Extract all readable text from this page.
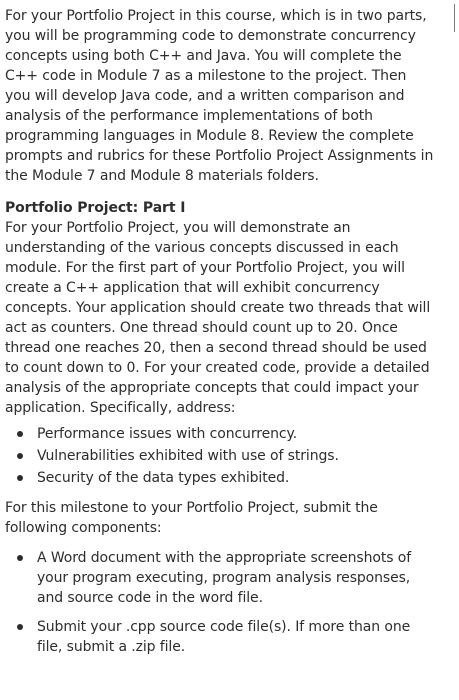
For your Portfolio Project in this course, which is in two parts, you will be programming code to demonstrate concurrency concepts using both C++ and Java. You will complete the C++ code in Module 7 as a milestone to the project. Then you will develop Java code, and a written comparison and analysis of the performance implementations of both programming languages in Module 8. Review the complete prompts and rubrics for these Portfolio Project Assignments in the Module 7 and Module 8 materials folders.

Portfolio Project: Part I

For your Portfolio Project, you will demonstrate an understanding of the various concepts discussed in each module. For the first part of your Portfolio Project, you will create a C++ application that will exhibit concurrency concepts. Your application should create two threads that will act as counters. One thread should count up to 20. Once thread one reaches 20, then a second thread should be used to count down to 0. For your created code, provide a detailed analysis of the appropriate concepts that could impact your application. Specifically, address:

Performance issues with concurrency.
Vulnerabilities exhibited with use of strings.
Security of the data types exhibited.

For this milestone to your Portfolio Project, submit the following components:

A Word document with the appropriate screenshots of your program executing, program analysis responses, and source code in the word file.
Submit your .cpp source code file(s). If more than one file, submit a .zip file.
